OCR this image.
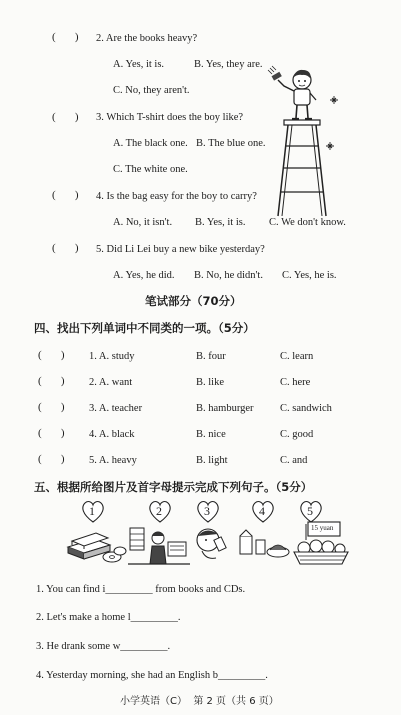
(       ) 2. Are the books heavy?
A. Yes, it is.	B. Yes, they are.
C. No, they aren't.
(       ) 3. Which T-shirt does the boy like?
A. The black one. B. The blue one.
C. The white one.
(       ) 4. Is the bag easy for the boy to carry?
A. No, it isn't. B. Yes, it is. C. We don't know.
(       ) 5. Did Li Lei buy a new bike yesterday?
A. Yes, he did. B. No, he didn't. C. Yes, he is.
笔试部分（70分）
四、找出下列单词中不同类的一项。（5分）
(       ) 1. A. study	B. four	C. learn
(       ) 2. A. want	B. like	C. here
(       ) 3. A. teacher	B. hamburger	C. sandwich
(       ) 4. A. black	B. nice	C. good
(       ) 5. A. heavy	B. light	C. and
五、根据所给图片及首字母提示完成下列句子。（5分）
1	2	3	4	5
15 yuan
1. You can find i_________ from books and CDs.
2. Let's make a home l_________.
3. He drank some w_________.
4. Yesterday morning, she had an English b_________.
小学英语（C）  第 2 页（共 6 页）
